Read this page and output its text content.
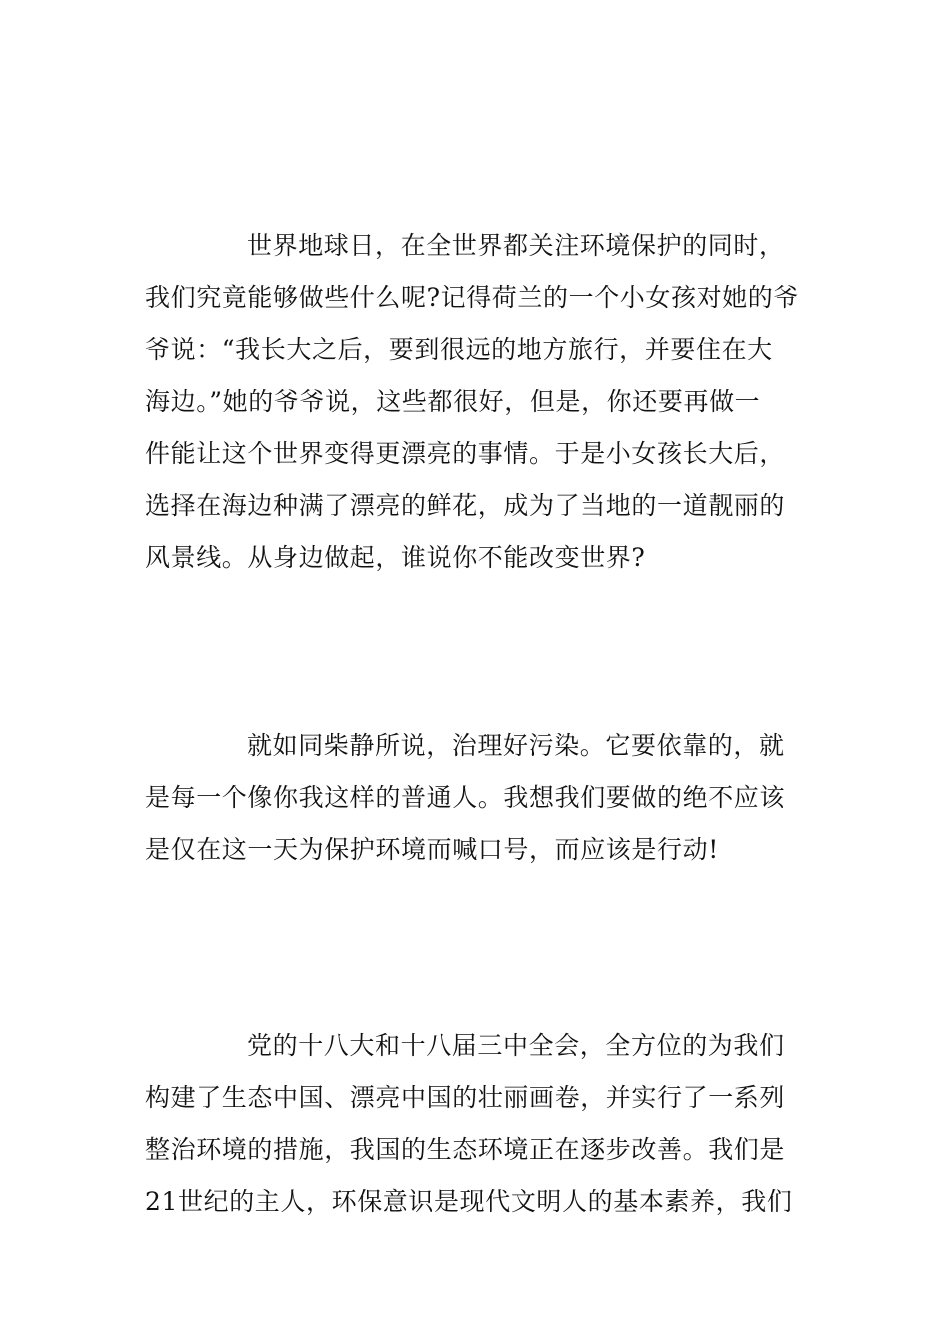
世界地球日，在全世界都关注环境保护的同时，
我们究竟能够做些什么呢?记得荷兰的一个小女孩对她的爷
爷说：“我长大之后，要到很远的地方旅行，并要住在大
海边。”她的爷爷说，这些都很好，但是，你还要再做一
件能让这个世界变得更漂亮的事情。于是小女孩长大后，
选择在海边种满了漂亮的鲜花，成为了当地的一道靓丽的
风景线。从身边做起，谁说你不能改变世界?
就如同柴静所说，治理好污染。它要依靠的，就
是每一个像你我这样的普通人。我想我们要做的绝不应该
是仅在这一天为保护环境而喊口号，而应该是行动!
党的十八大和十八届三中全会，全方位的为我们
构建了生态中国、漂亮中国的壮丽画卷，并实行了一系列
整治环境的措施，我国的生态环境正在逐步改善。我们是
21世纪的主人，环保意识是现代文明人的基本素养，我们
